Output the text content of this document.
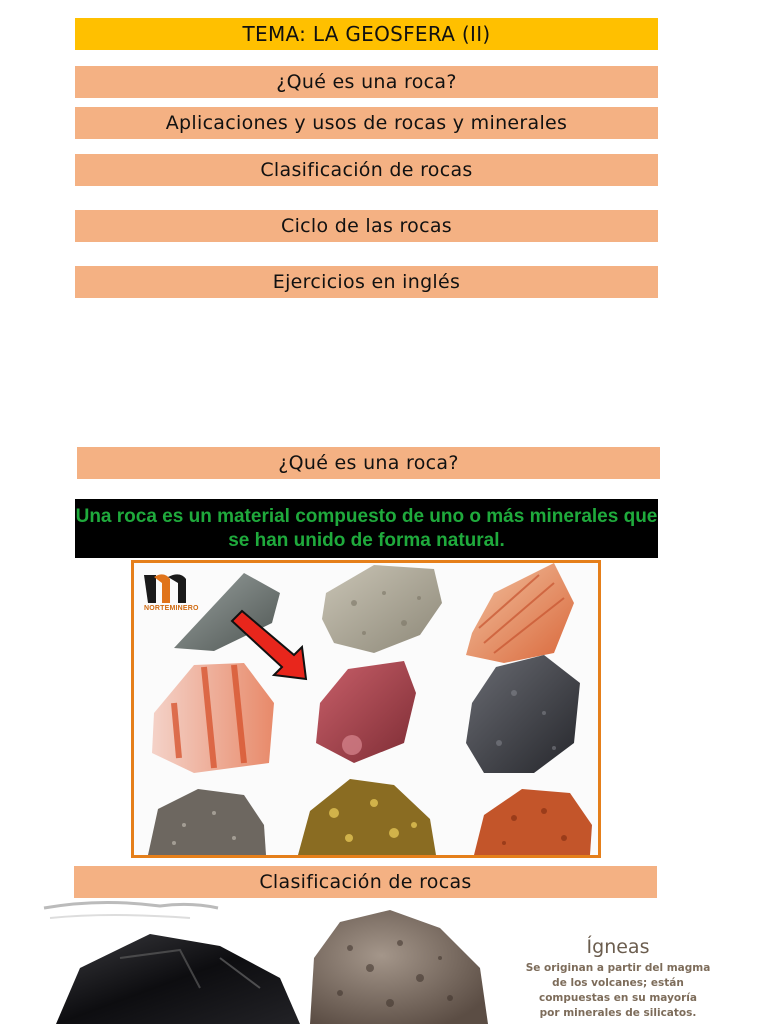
TEMA: LA GEOSFERA (II)
¿Qué es una roca?
Aplicaciones y usos de rocas y minerales
Clasificación de rocas
Ciclo de las rocas
Ejercicios en inglés
¿Qué es una roca?
Una roca es un material compuesto de uno o más minerales que se han unido de forma natural.
NORTEMINERO
Clasificación de rocas
Ígneas
Se originan a partir del magma
de los volcanes; están
compuestas en su mayoría
por minerales de silicatos.
